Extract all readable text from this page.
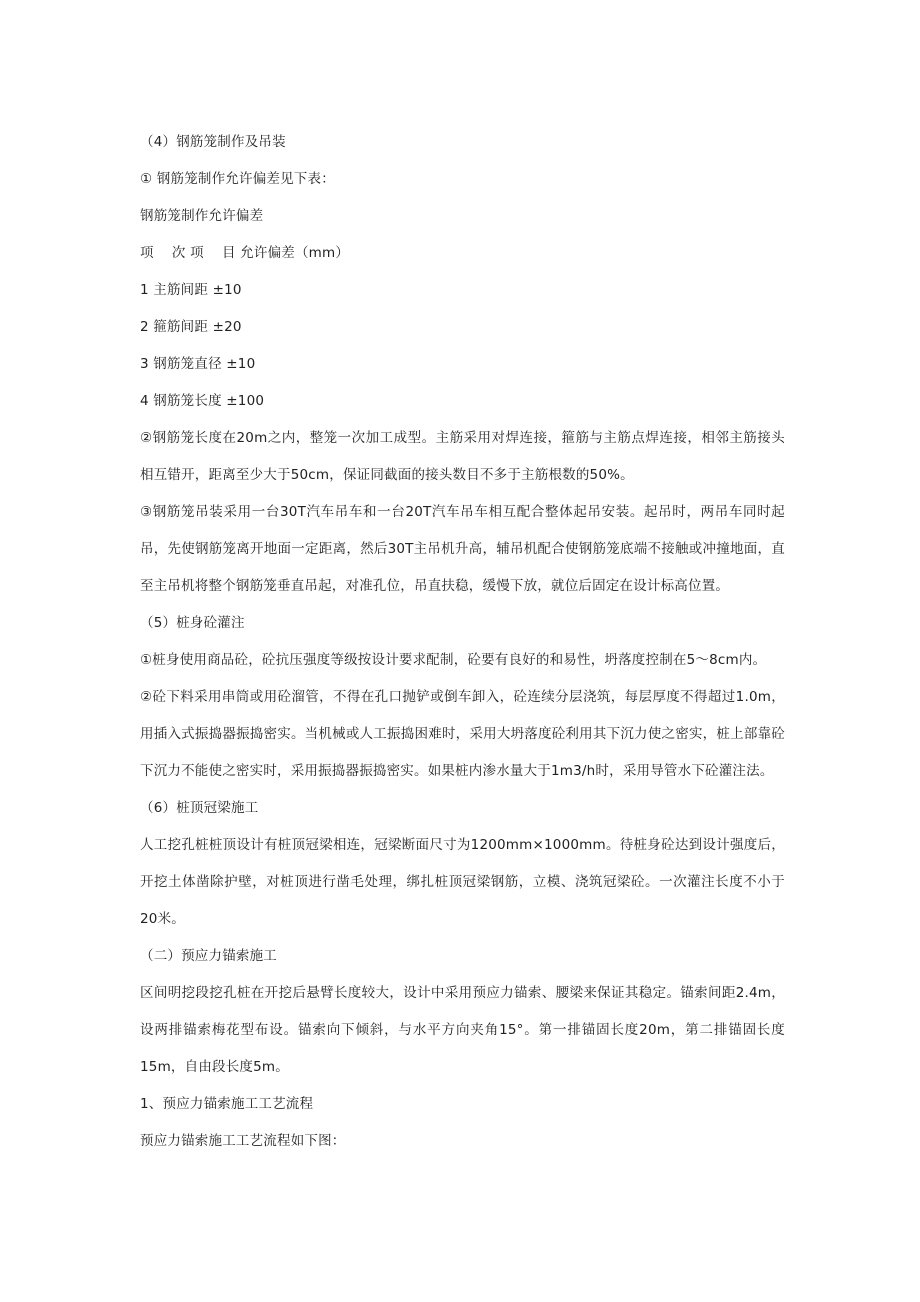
（4）钢筋笼制作及吊装
① 钢筋笼制作允许偏差见下表：
钢筋笼制作允许偏差
项　 次 项　 目 允许偏差（mm）
1 主筋间距 ±10
2 箍筋间距 ±20
3 钢筋笼直径 ±10
4 钢筋笼长度 ±100

②钢筋笼长度在20m之内，整笼一次加工成型。主筋采用对焊连接，箍筋与主筋点焊连接，相邻主筋接头相互错开，距离至少大于50cm，保证同截面的接头数目不多于主筋根数的50%。

③钢筋笼吊装采用一台30T汽车吊车和一台20T汽车吊车相互配合整体起吊安装。起吊时，两吊车同时起吊，先使钢筋笼离开地面一定距离，然后30T主吊机升高，辅吊机配合使钢筋笼底端不接触或冲撞地面，直至主吊机将整个钢筋笼垂直吊起，对准孔位，吊直扶稳，缓慢下放，就位后固定在设计标高位置。

（5）桩身砼灌注

①桩身使用商品砼，砼抗压强度等级按设计要求配制，砼要有良好的和易性，坍落度控制在5～8cm内。

②砼下料采用串筒或用砼溜管，不得在孔口抛铲或倒车卸入，砼连续分层浇筑，每层厚度不得超过1.0m，用插入式振捣器振捣密实。当机械或人工振捣困难时，采用大坍落度砼利用其下沉力使之密实，桩上部靠砼下沉力不能使之密实时，采用振捣器振捣密实。如果桩内渗水量大于1m3/h时，采用导管水下砼灌注法。

（6）桩顶冠梁施工

人工挖孔桩桩顶设计有桩顶冠梁相连，冠梁断面尺寸为1200mm×1000mm。待桩身砼达到设计强度后，开挖土体凿除护壁，对桩顶进行凿毛处理，绑扎桩顶冠梁钢筋，立模、浇筑冠梁砼。一次灌注长度不小于20米。

（二）预应力锚索施工

区间明挖段挖孔桩在开挖后悬臂长度较大，设计中采用预应力锚索、腰梁来保证其稳定。锚索间距2.4m，设两排锚索梅花型布设。锚索向下倾斜，与水平方向夹角15°。第一排锚固长度20m，第二排锚固长度15m，自由段长度5m。

1、预应力锚索施工工艺流程
预应力锚索施工工艺流程如下图：
